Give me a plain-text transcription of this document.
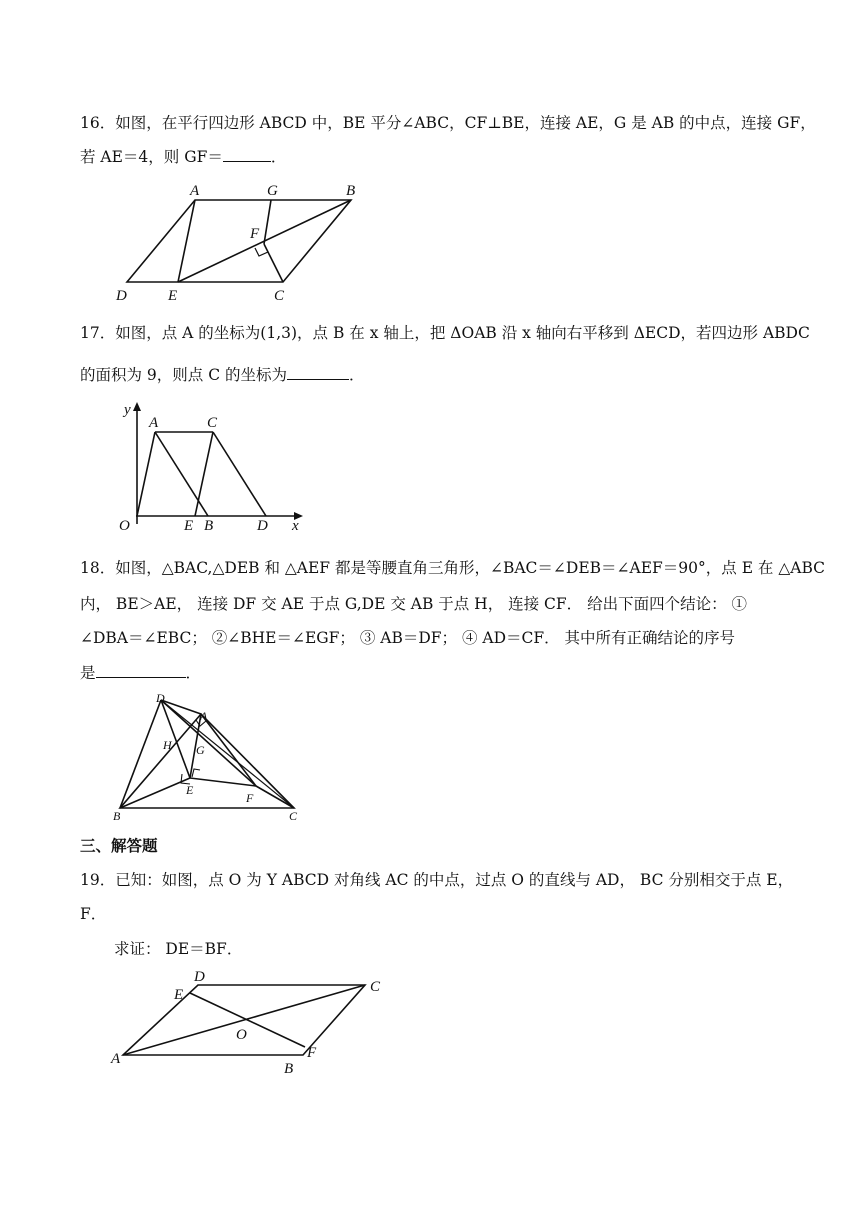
16．如图，在平行四边形 ABCD 中，BE 平分∠ABC，CF⊥BE，连接 AE，G 是 AB 的中点，连接 GF，
若 AE＝4，则 GF＝	．
A	G	B
F
D	E	C
17．如图，点 A 的坐标为(1,3)，点 B 在 x 轴上，把 ΔOAB 沿 x 轴向右平移到 ΔECD，若四边形 ABDC
的面积为 9，则点 C 的坐标为	．
y
x
O
A	C
E B	D
18．如图，△BAC,△DEB 和 △AEF 都是等腰直角三角形，∠BAC＝∠DEB＝∠AEF＝90°，点 E 在 △ABC
内， BE＞AE， 连接 DF 交 AE 于点 G,DE 交 AB 于点 H， 连接 CF． 给出下面四个结论： ①
∠DBA＝∠EBC； ②∠BHE＝∠EGF； ③ AB＝DF； ④ AD＝CF． 其中所有正确结论的序号
是	．
D
A
H G
E
F
B	C
三、解答题
19．已知：如图，点 O 为 Y ABCD 对角线 AC 的中点，过点 O 的直线与 AD， BC 分别相交于点 E，
F．
求证： DE＝BF．
D
E	C
O
A	F
B
